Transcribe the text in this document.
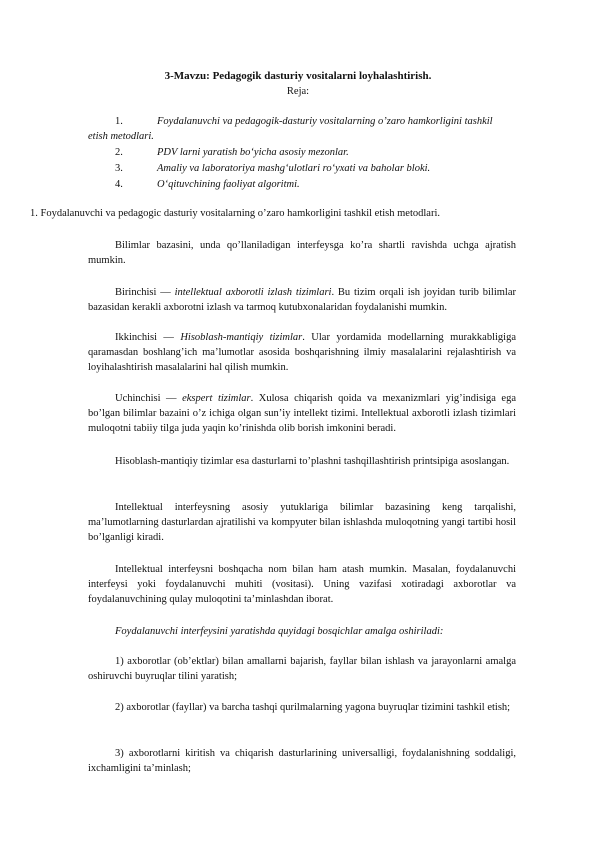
3-Mavzu: Pedagogik dasturiy vositalarni loyhalashtirish.
Reja:
1.	Foydalanuvchi va pedagogik-dasturiy vositalarning o’zaro hamkorligini tashkil
etish metodlari.
2.	PDV larni yaratish bo‘yicha asosiy mezonlar.
3.	Amaliy va laboratoriya mashg‘ulotlari ro‘yxati va baholar bloki.
4.	O‘qituvchining faoliyat algoritmi.
1. Foydalanuvchi va pedagogic dasturiy vositalarning o’zaro hamkorligini tashkil etish metodlari.
Bilimlar bazasini, unda qo’llaniladigan interfeysga ko’ra shartli ravishda uchga ajratish mumkin.
Birinchisi — intellektual axborotli izlash tizimlari. Bu tizim orqali ish joyidan turib bilimlar bazasidan kerakli axborotni izlash va tarmoq kutubxonalaridan foydalanishi mumkin.
Ikkinchisi — Hisoblash-mantiqiy tizimlar. Ular yordamida modellarning murakkabligiga qaramasdan boshlang’ich ma’lumotlar asosida boshqarishning ilmiy masalalarini rejalashtirish va loyihalashtirish masalalarini hal qilish mumkin.
Uchinchisi — ekspert tizimlar. Xulosa chiqarish qoida va mexanizmlari yig’indisiga ega bo’lgan bilimlar bazaini o’z ichiga olgan sun’iy intellekt tizimi. Intellektual axborotli izlash tizimlari muloqotni tabiiy tilga juda yaqin ko’rinishda olib borish imkonini beradi.
Hisoblash-mantiqiy tizimlar esa dasturlarni to’plashni tashqillashtirish printsipiga asoslangan.
Intellektual interfeysning asosiy yutuklariga bilimlar bazasining keng tarqalishi, ma’lumotlarning dasturlardan ajratilishi va kompyuter bilan ishlashda muloqotning yangi tartibi hosil bo’lganligi kiradi.
Intellektual interfeysni boshqacha nom bilan ham atash mumkin. Masalan, foydalanuvchi interfeysi yoki foydalanuvchi muhiti (vositasi). Uning vazifasi xotiradagi axborotlar va foydalanuvchining qulay muloqotini ta’minlashdan iborat.
Foydalanuvchi interfeysini yaratishda quyidagi bosqichlar amalga oshiriladi:
1) axborotlar (ob’ektlar) bilan amallarni bajarish, fayllar bilan ishlash va jarayonlarni amalga oshiruvchi buyruqlar tilini yaratish;
2) axborotlar (fayllar) va barcha tashqi qurilmalarning yagona buyruqlar tizimini tashkil etish;
3) axborotlarni kiritish va chiqarish dasturlarining universalligi, foydalanishning soddaligi, ixchamligini ta’minlash;
